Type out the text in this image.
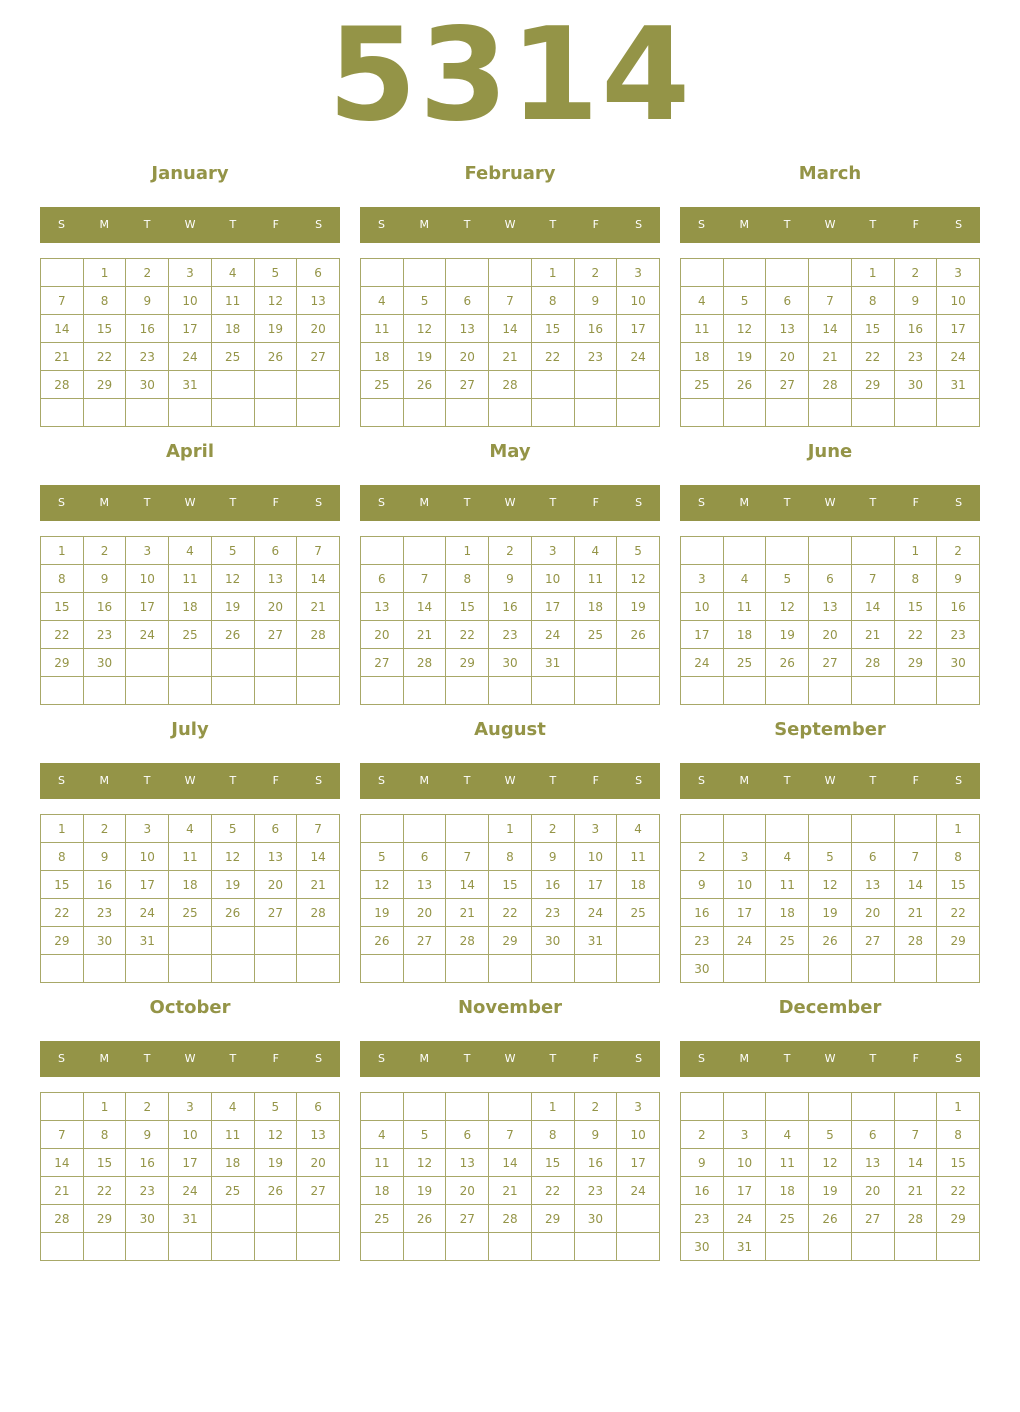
5314
January
S	M	T	W	T	F	S
	1	2	3	4	5	6
7	8	9	10	11	12	13
14	15	16	17	18	19	20
21	22	23	24	25	26	27
28	29	30	31			

February
S	M	T	W	T	F	S
				1	2	3
4	5	6	7	8	9	10
11	12	13	14	15	16	17
18	19	20	21	22	23	24
25	26	27	28			

March
S	M	T	W	T	F	S
				1	2	3
4	5	6	7	8	9	10
11	12	13	14	15	16	17
18	19	20	21	22	23	24
25	26	27	28	29	30	31

April
S	M	T	W	T	F	S
1	2	3	4	5	6	7
8	9	10	11	12	13	14
15	16	17	18	19	20	21
22	23	24	25	26	27	28
29	30					

May
S	M	T	W	T	F	S
		1	2	3	4	5
6	7	8	9	10	11	12
13	14	15	16	17	18	19
20	21	22	23	24	25	26
27	28	29	30	31		

June
S	M	T	W	T	F	S
					1	2
3	4	5	6	7	8	9
10	11	12	13	14	15	16
17	18	19	20	21	22	23
24	25	26	27	28	29	30

July
S	M	T	W	T	F	S
1	2	3	4	5	6	7
8	9	10	11	12	13	14
15	16	17	18	19	20	21
22	23	24	25	26	27	28
29	30	31				

August
S	M	T	W	T	F	S
			1	2	3	4
5	6	7	8	9	10	11
12	13	14	15	16	17	18
19	20	21	22	23	24	25
26	27	28	29	30	31	

September
S	M	T	W	T	F	S
						1
2	3	4	5	6	7	8
9	10	11	12	13	14	15
16	17	18	19	20	21	22
23	24	25	26	27	28	29
30						
October
S	M	T	W	T	F	S
	1	2	3	4	5	6
7	8	9	10	11	12	13
14	15	16	17	18	19	20
21	22	23	24	25	26	27
28	29	30	31			

November
S	M	T	W	T	F	S
				1	2	3
4	5	6	7	8	9	10
11	12	13	14	15	16	17
18	19	20	21	22	23	24
25	26	27	28	29	30	

December
S	M	T	W	T	F	S
						1
2	3	4	5	6	7	8
9	10	11	12	13	14	15
16	17	18	19	20	21	22
23	24	25	26	27	28	29
30	31					
